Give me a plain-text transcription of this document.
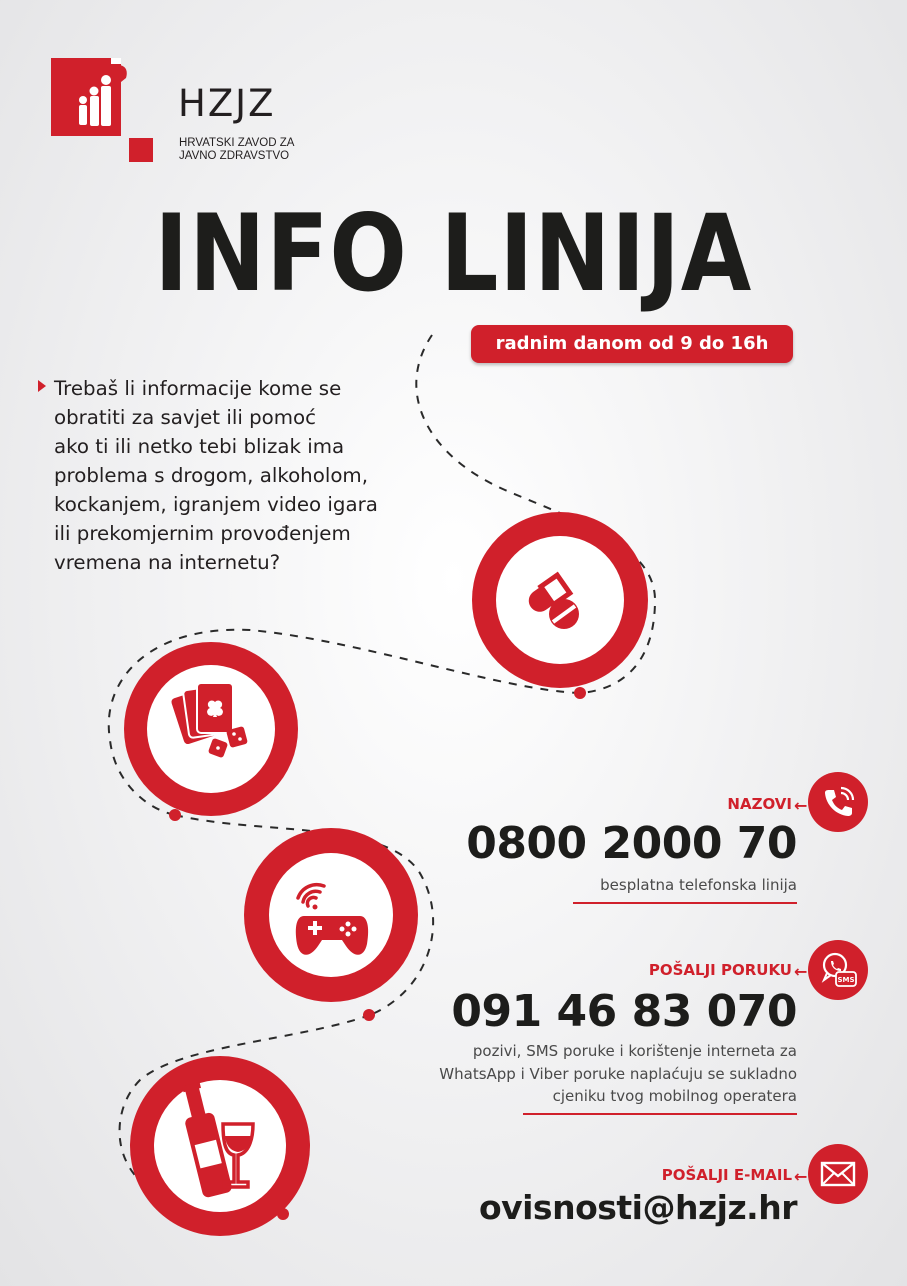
HZJZ
HRVATSKI ZAVOD ZA
JAVNO ZDRAVSTVO
INFO LINIJA
radnim danom od 9 do 16h
Trebaš li informacije kome se
obratiti za savjet ili pomoć
ako ti ili netko tebi blizak ima
problema s drogom, alkoholom,
kockanjem, igranjem video igara
ili prekomjernim provođenjem
vremena na internetu?
NAZOVI ←
0800 2000 70
besplatna telefonska linija
POŠALJI PORUKU ←	SMS
091 46 83 070
pozivi, SMS poruke i korištenje interneta za
WhatsApp i Viber poruke naplaćuju se sukladno
cjeniku tvog mobilnog operatera
POŠALJI E-MAIL ←
ovisnosti@hzjz.hr
